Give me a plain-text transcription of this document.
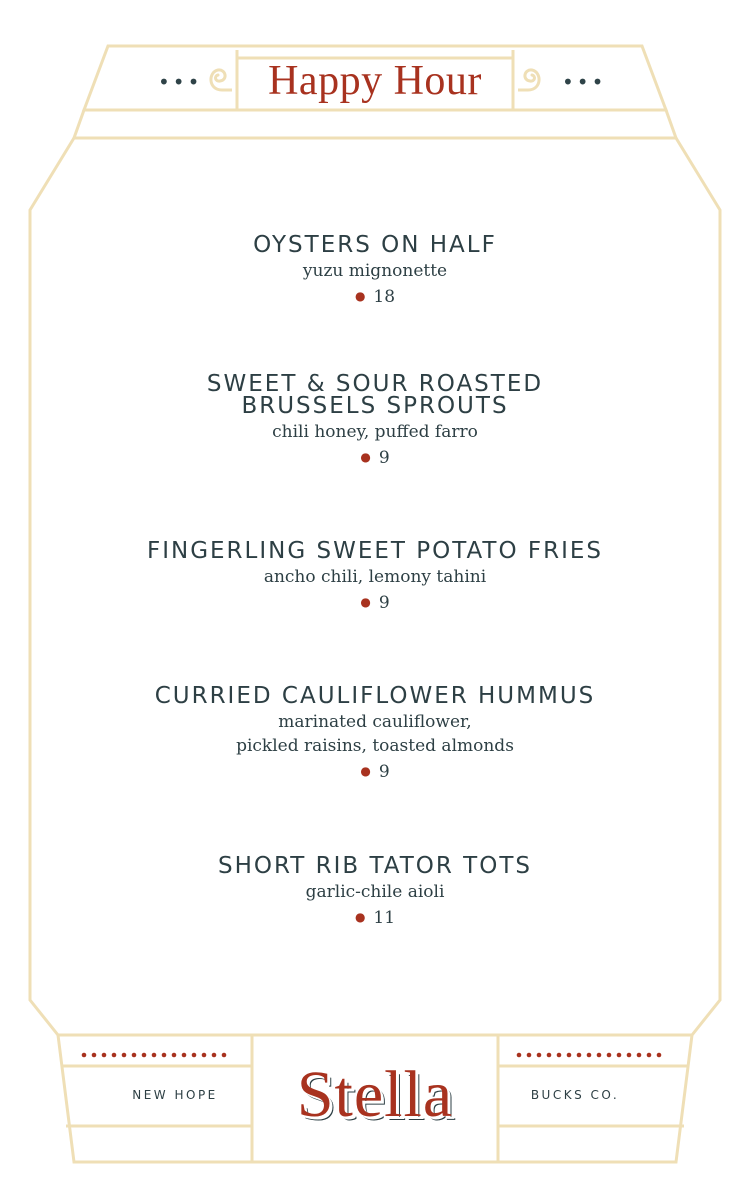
•••	•••
Happy Hour

OYSTERS ON HALF

yuzu mignonette

● 18

SWEET & SOUR ROASTED

BRUSSELS SPROUTS

chili honey, puffed farro

● 9

FINGERLING SWEET POTATO FRIES

ancho chili, lemony tahini

● 9

CURRIED CAULIFLOWER HUMMUS

marinated cauliflower,

pickled raisins, toasted almonds

● 9

SHORT RIB TATOR TOTS

garlic-chile aioli

● 11

NEW HOPE	BUCKS CO.
Stella
